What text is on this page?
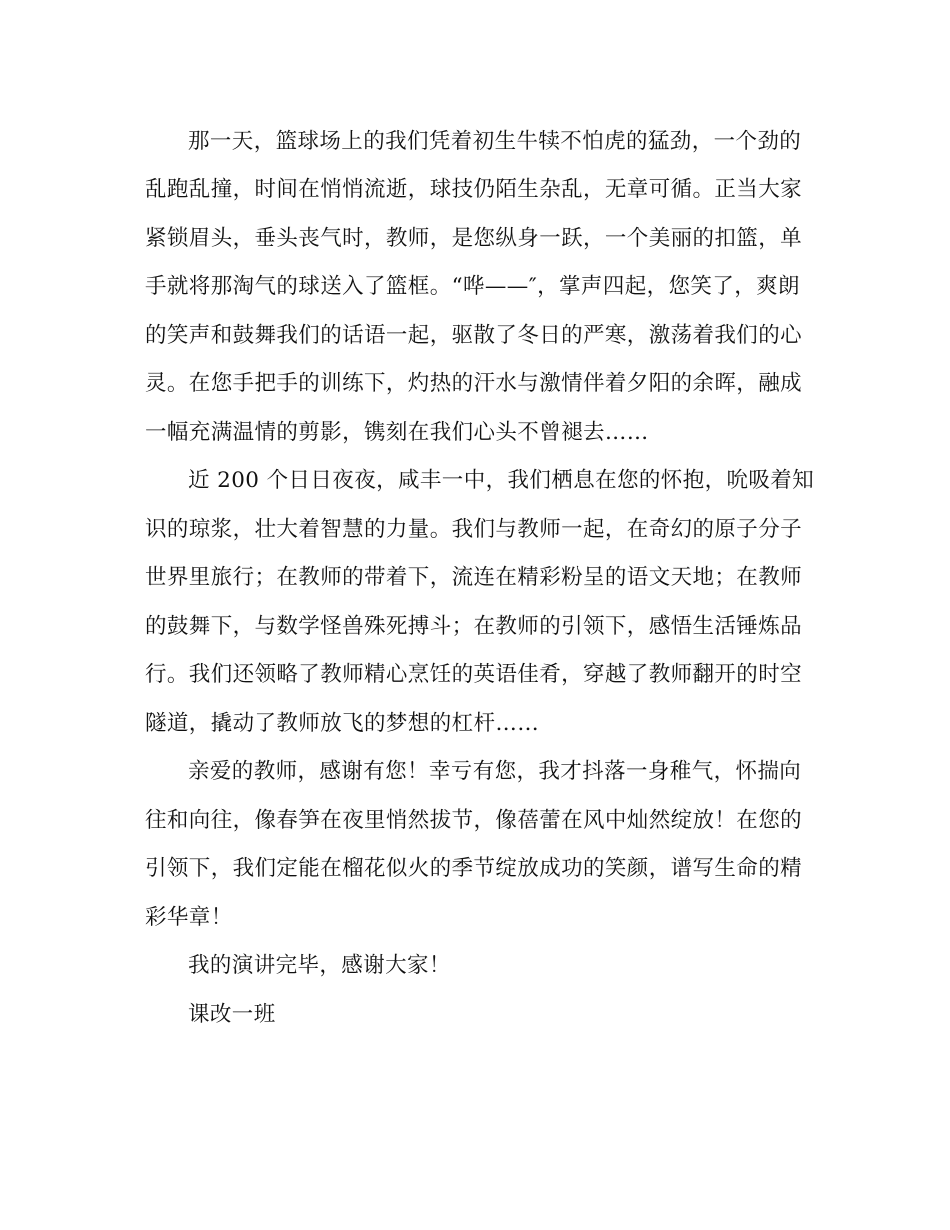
那一天，篮球场上的我们凭着初生牛犊不怕虎的猛劲，一个劲的
乱跑乱撞，时间在悄悄流逝，球技仍陌生杂乱，无章可循。正当大家
紧锁眉头，垂头丧气时，教师，是您纵身一跃，一个美丽的扣篮，单
手就将那淘气的球送入了篮框。“哗——″，掌声四起，您笑了，爽朗
的笑声和鼓舞我们的话语一起，驱散了冬日的严寒，激荡着我们的心
灵。在您手把手的训练下，灼热的汗水与激情伴着夕阳的余晖，融成
一幅充满温情的剪影，镌刻在我们心头不曾褪去……
近 200 个日日夜夜，咸丰一中，我们栖息在您的怀抱，吮吸着知
识的琼浆，壮大着智慧的力量。我们与教师一起，在奇幻的原子分子
世界里旅行；在教师的带着下，流连在精彩粉呈的语文天地；在教师
的鼓舞下，与数学怪兽殊死搏斗；在教师的引领下，感悟生活锤炼品
行。我们还领略了教师精心烹饪的英语佳肴，穿越了教师翻开的时空
隧道，撬动了教师放飞的梦想的杠杆……
亲爱的教师，感谢有您！幸亏有您，我才抖落一身稚气，怀揣向
往和向往，像春笋在夜里悄然拔节，像蓓蕾在风中灿然绽放！在您的
引领下，我们定能在榴花似火的季节绽放成功的笑颜，谱写生命的精
彩华章！
我的演讲完毕，感谢大家！
课改一班
